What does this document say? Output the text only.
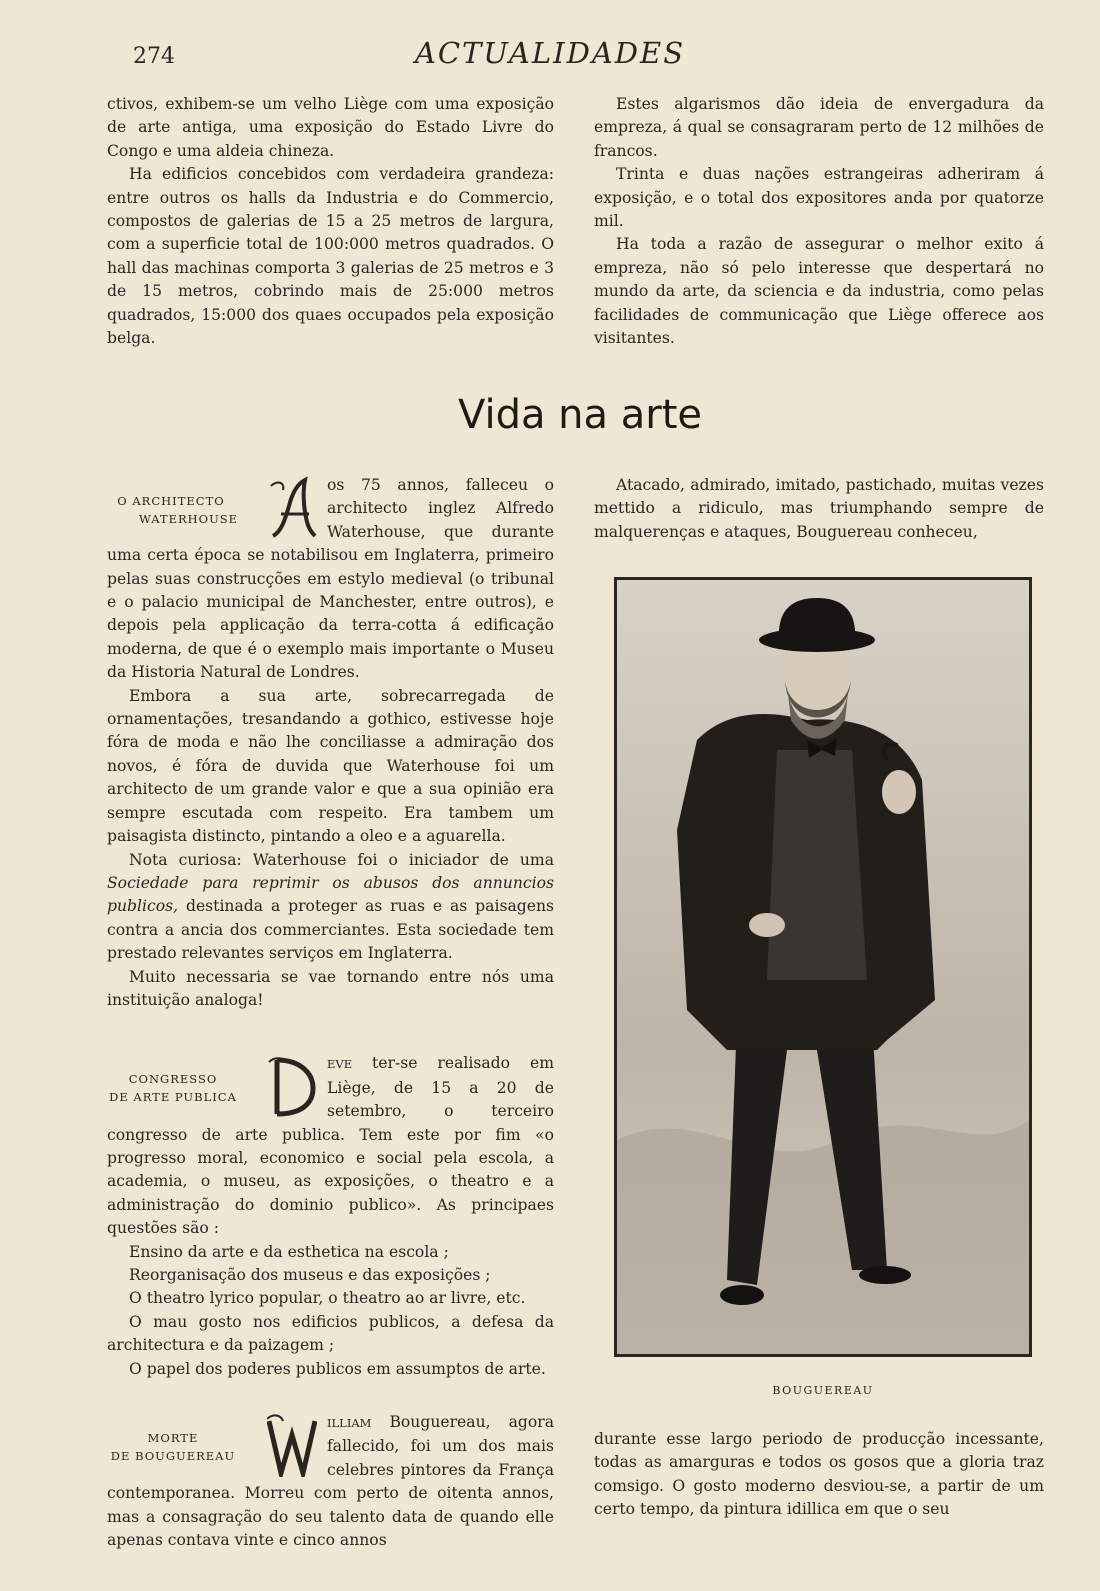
274	ACTUALIDADES

ctivos, exhibem-se um velho Liège com uma exposição de arte antiga, uma exposição do Estado Livre do Congo e uma aldeia chineza.

Ha edificios concebidos com verdadeira grandeza: entre outros os halls da Industria e do Commercio, compostos de galerias de 15 a 25 metros de largura, com a superficie total de 100:000 metros quadrados. O hall das machinas comporta 3 galerias de 25 metros e 3 de 15 metros, cobrindo mais de 25:000 metros quadrados, 15:000 dos quaes occupados pela exposição belga.

Estes algarismos dão ideia de envergadura da empreza, á qual se consagraram perto de 12 milhões de francos.

Trinta e duas nações estrangeiras adheriram á exposição, e o total dos expositores anda por quatorze mil.

Ha toda a razão de assegurar o melhor exito á empreza, não só pelo interesse que despertará no mundo da arte, da sciencia e da industria, como pelas facilidades de communicação que Liège offerece aos visitantes.

Vida na arte
O ARCHITECTO
WATERHOUSE

os 75 annos, falleceu o architecto inglez Alfredo Waterhouse, que durante uma certa época se notabilisou em Inglaterra, primeiro pelas suas construcções em estylo medieval (o tribunal e o palacio municipal de Manchester, entre outros), e depois pela applicação da terra-cotta á edificação moderna, de que é o exemplo mais importante o Museu da Historia Natural de Londres.

Embora a sua arte, sobrecarregada de ornamentações, tresandando a gothico, estivesse hoje fóra de moda e não lhe conciliasse a admiração dos novos, é fóra de duvida que Waterhouse foi um architecto de um grande valor e que a sua opinião era sempre escutada com respeito. Era tambem um paisagista distincto, pintando a oleo e a aguarella.

Nota curiosa: Waterhouse foi o iniciador de uma Sociedade para reprimir os abusos dos annuncios publicos, destinada a proteger as ruas e as paisagens contra a ancia dos commerciantes. Esta sociedade tem prestado relevantes serviços em Inglaterra.

Muito necessaria se vae tornando entre nós uma instituição analoga!

CONGRESSO
DE ARTE PUBLICA

EVE ter-se realisado em Liège, de 15 a 20 de setembro, o terceiro congresso de arte publica. Tem este por fim «o progresso moral, economico e social pela escola, a academia, o museu, as exposições, o theatro e a administração do dominio publico». As principaes questões são :

Ensino da arte e da esthetica na escola ;

Reorganisação dos museus e das exposições ;

O theatro lyrico popular, o theatro ao ar livre, etc.

O mau gosto nos edificios publicos, a defesa da architectura e da paizagem ;

O papel dos poderes publicos em assumptos de arte.

MORTE
DE BOUGUEREAU

ILLIAM Bouguereau, agora fallecido, foi um dos mais celebres pintores da França contemporanea. Morreu com perto de oitenta annos, mas a consagração do seu talento data de quando elle apenas contava vinte e cinco annos

Atacado, admirado, imitado, pastichado, muitas vezes mettido a ridiculo, mas triumphando sempre de malquerenças e ataques, Bouguereau conheceu,

BOUGUEREAU

durante esse largo periodo de producção incessante, todas as amarguras e todos os gosos que a gloria traz comsigo. O gosto moderno desviou-se, a partir de um certo tempo, da pintura idillica em que o seu
